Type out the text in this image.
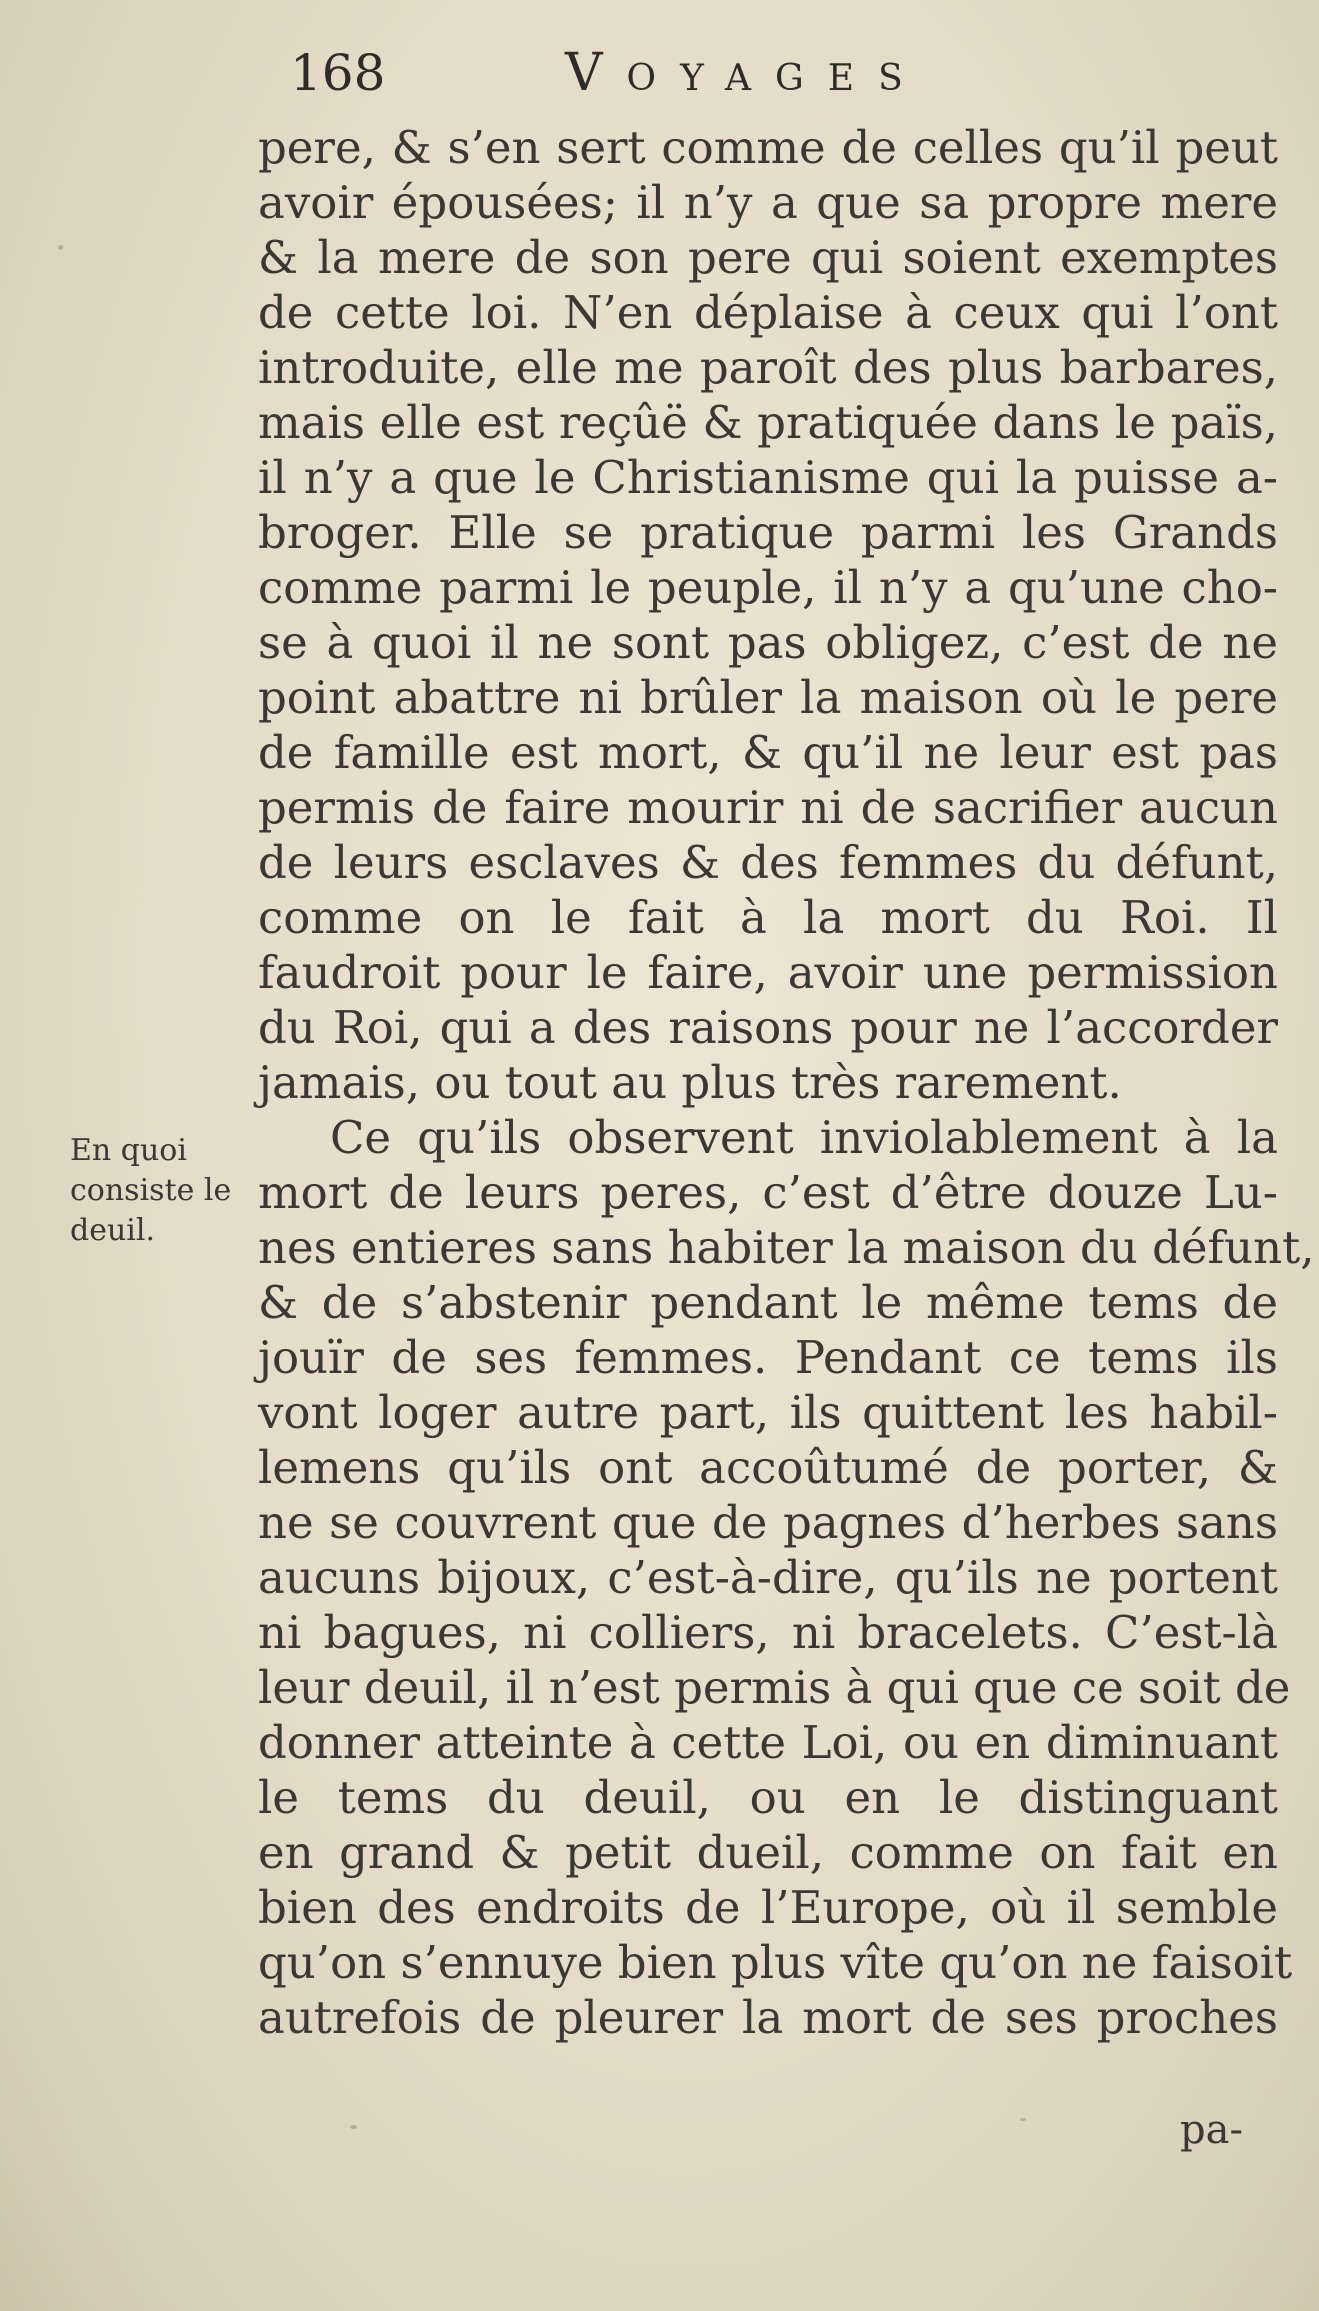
168	Voyages
pere, & s’en sert comme de celles qu’il peut
avoir épousées; il n’y a que sa propre mere
& la mere de son pere qui soient exemptes
de cette loi. N’en déplaise à ceux qui l’ont
introduite, elle me paroît des plus barbares,
mais elle est reçûë & pratiquée dans le païs,
il n’y a que le Christianisme qui la puisse a-
broger. Elle se pratique parmi les Grands
comme parmi le peuple, il n’y a qu’une cho-
se à quoi il ne sont pas obligez, c’est de ne
point abattre ni brûler la maison où le pere
de famille est mort, & qu’il ne leur est pas
permis de faire mourir ni de sacrifier aucun
de leurs esclaves & des femmes du défunt,
comme on le fait à la mort du Roi. Il
faudroit pour le faire, avoir une permission
du Roi, qui a des raisons pour ne l’accorder
jamais, ou tout au plus très rarement.
Ce qu’ils observent inviolablement à la
mort de leurs peres, c’est d’être douze Lu-
nes entieres sans habiter la maison du défunt,
& de s’abstenir pendant le même tems de
jouïr de ses femmes. Pendant ce tems ils
vont loger autre part, ils quittent les habil-
lemens qu’ils ont accoûtumé de porter, &
ne se couvrent que de pagnes d’herbes sans
aucuns bijoux, c’est-à-dire, qu’ils ne portent
ni bagues, ni colliers, ni bracelets. C’est-là
leur deuil, il n’est permis à qui que ce soit de
donner atteinte à cette Loi, ou en diminuant
le tems du deuil, ou en le distinguant
en grand & petit dueil, comme on fait en
bien des endroits de l’Europe, où il semble
qu’on s’ennuye bien plus vîte qu’on ne faisoit
autrefois de pleurer la mort de ses proches
En quoi
consiste le
deuil.
pa-
